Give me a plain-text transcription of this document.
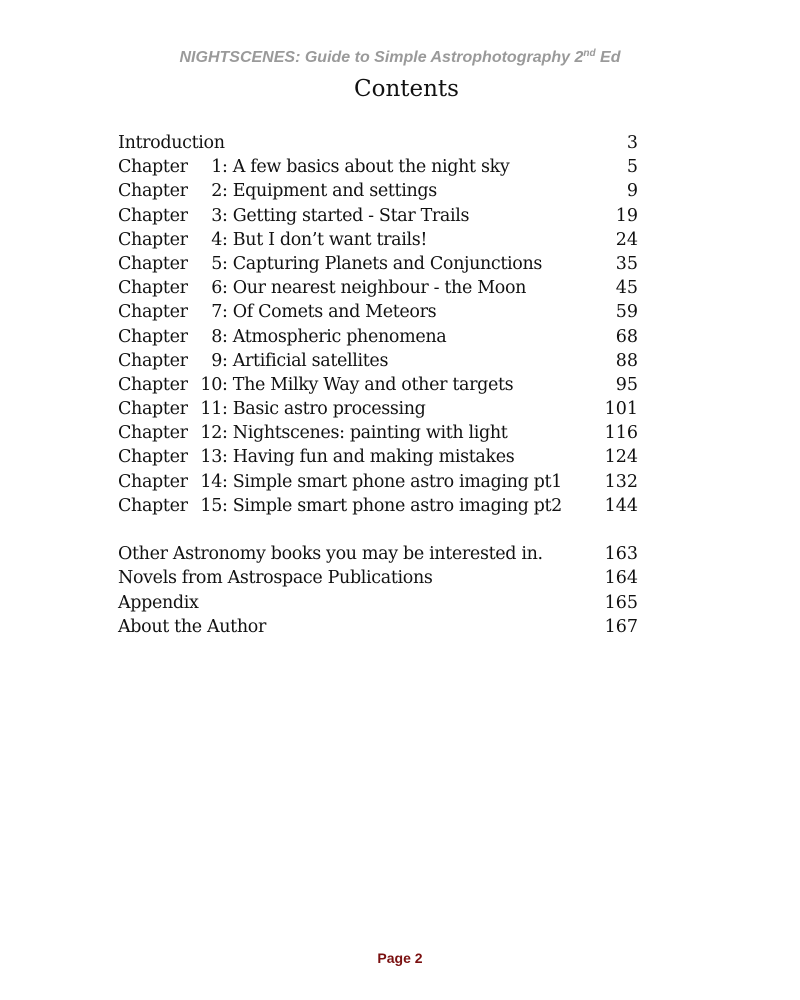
NIGHTSCENES: Guide to Simple Astrophotography 2nd Ed
Contents
Introduction	3
Chapter 1: A few basics about the night sky	5
Chapter 2: Equipment and settings	9
Chapter 3: Getting started - Star Trails	19
Chapter 4: But I don’t want trails!	24
Chapter 5: Capturing Planets and Conjunctions	35
Chapter 6: Our nearest neighbour - the Moon	45
Chapter 7: Of Comets and Meteors	59
Chapter 8: Atmospheric phenomena	68
Chapter 9: Artificial satellites	88
Chapter 10: The Milky Way and other targets	95
Chapter 11: Basic astro processing	101
Chapter 12: Nightscenes: painting with light	116
Chapter 13: Having fun and making mistakes	124
Chapter 14: Simple smart phone astro imaging pt1 132
Chapter 15: Simple smart phone astro imaging pt2 144
Other Astronomy books you may be interested in.	163
Novels from Astrospace Publications	164
Appendix	165
About the Author	167
Page 2
